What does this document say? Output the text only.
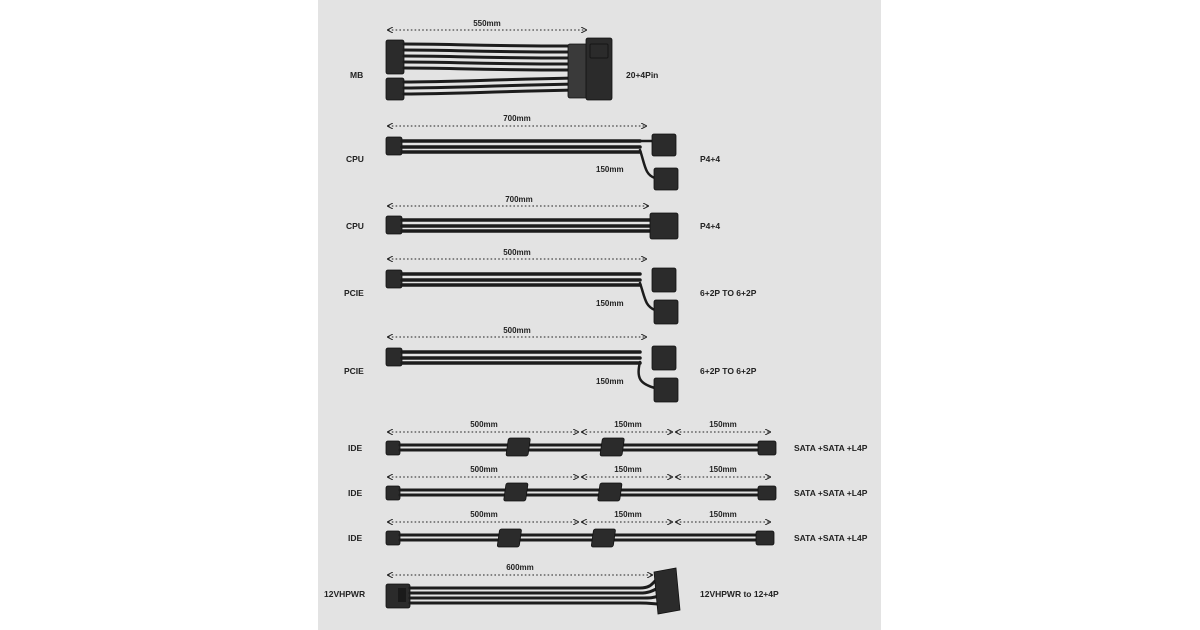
MB
550mm
20+4Pin
CPU
700mm
150mm
P4+4
CPU
700mm
P4+4
PCIE
500mm
150mm
6+2P TO 6+2P
PCIE
500mm
150mm
6+2P TO 6+2P
IDE
500mm	150mm	150mm
SATA +SATA +L4P
IDE
500mm	150mm	150mm
SATA +SATA +L4P
IDE
500mm	150mm	150mm
SATA +SATA +L4P
12VHPWR
600mm
12VHPWR to 12+4P
